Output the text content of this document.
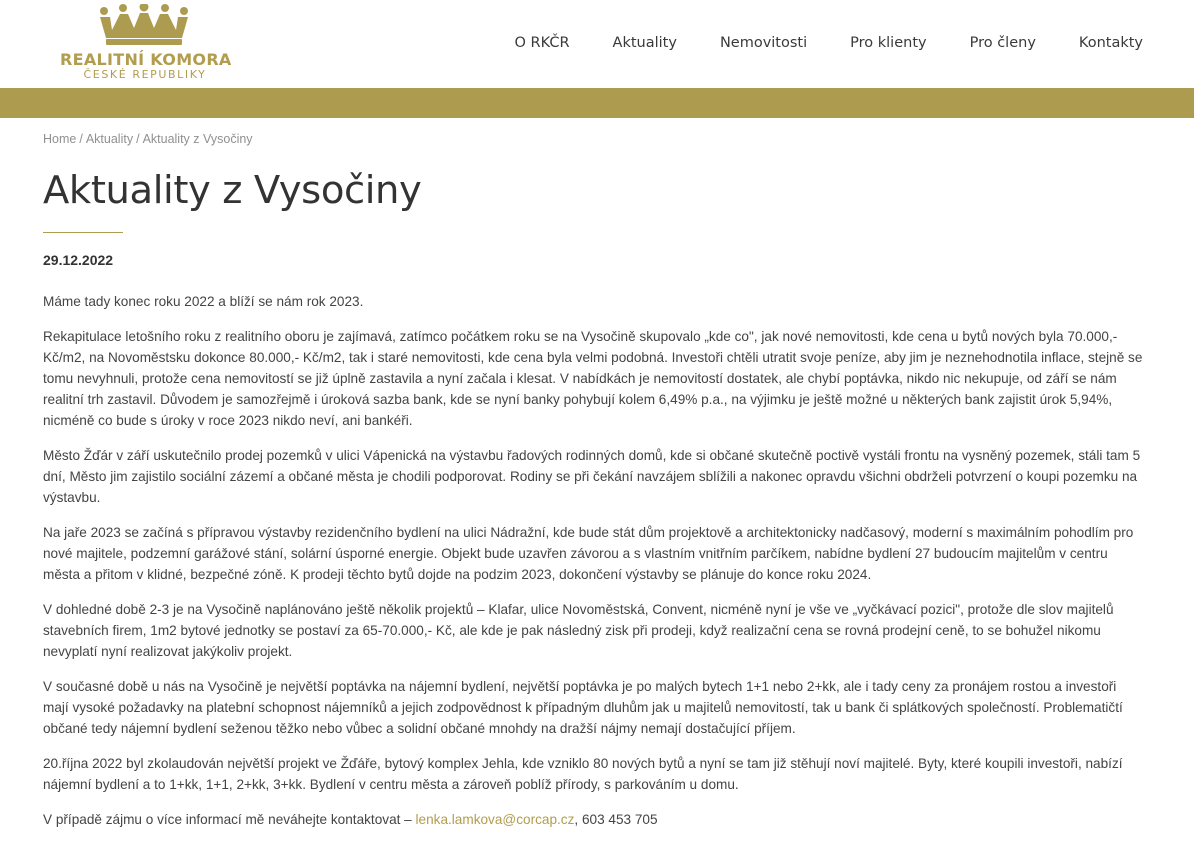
REALITNÍ KOMORA
ČESKÉ REPUBLIKY
O RKČR	Aktuality	Nemovitosti	Pro klienty	Pro členy	Kontakty
Home / Aktuality / Aktuality z Vysočiny
Aktuality z Vysočiny
29.12.2022

Máme tady konec roku 2022 a blíží se nám rok 2023.

Rekapitulace letošního roku z realitního oboru je zajímavá, zatímco počátkem roku se na Vysočině skupovalo „kde co", jak nové nemovitosti, kde cena u bytů nových byla 70.000,- Kč/m2, na Novoměstsku dokonce 80.000,- Kč/m2, tak i staré nemovitosti, kde cena byla velmi podobná. Investoři chtěli utratit svoje peníze, aby jim je neznehodnotila inflace, stejně se tomu nevyhnuli, protože cena nemovitostí se již úplně zastavila a nyní začala i klesat. V nabídkách je nemovitostí dostatek, ale chybí poptávka, nikdo nic nekupuje, od září se nám realitní trh zastavil. Důvodem je samozřejmě i úroková sazba bank, kde se nyní banky pohybují kolem 6,49% p.a., na výjimku je ještě možné u některých bank zajistit úrok 5,94%, nicméně co bude s úroky v roce 2023 nikdo neví, ani bankéři.

Město Žďár v září uskutečnilo prodej pozemků v ulici Vápenická na výstavbu řadových rodinných domů, kde si občané skutečně poctivě vystáli frontu na vysněný pozemek, stáli tam 5 dní, Město jim zajistilo sociální zázemí a občané města je chodili podporovat. Rodiny se při čekání navzájem sblížili a nakonec opravdu všichni obdrželi potvrzení o koupi pozemku na výstavbu.

Na jaře 2023 se začíná s přípravou výstavby rezidenčního bydlení na ulici Nádražní, kde bude stát dům projektově a architektonicky nadčasový, moderní s maximálním pohodlím pro nové majitele, podzemní garážové stání, solární úsporné energie. Objekt bude uzavřen závorou a s vlastním vnitřním parčíkem, nabídne bydlení 27 budoucím majitelům v centru města a přitom v klidné, bezpečné zóně. K prodeji těchto bytů dojde na podzim 2023, dokončení výstavby se plánuje do konce roku 2024.

V dohledné době 2-3 je na Vysočině naplánováno ještě několik projektů – Klafar, ulice Novoměstská, Convent, nicméně nyní je vše ve „vyčkávací pozici", protože dle slov majitelů stavebních firem, 1m2 bytové jednotky se postaví za 65-70.000,- Kč, ale kde je pak následný zisk při prodeji, když realizační cena se rovná prodejní ceně, to se bohužel nikomu nevyplatí nyní realizovat jakýkoliv projekt.

V současné době u nás na Vysočině je největší poptávka na nájemní bydlení, největší poptávka je po malých bytech 1+1 nebo 2+kk, ale i tady ceny za pronájem rostou a investoři mají vysoké požadavky na platební schopnost nájemníků a jejich zodpovědnost k případným dluhům jak u majitelů nemovitostí, tak u bank či splátkových společností. Problematičtí občané tedy nájemní bydlení seženou těžko nebo vůbec a solidní občané mnohdy na dražší nájmy nemají dostačující příjem.

20.října 2022 byl zkolaudován největší projekt ve Žďáře, bytový komplex Jehla, kde vzniklo 80 nových bytů a nyní se tam již stěhují noví majitelé. Byty, které koupili investoři, nabízí nájemní bydlení a to 1+kk, 1+1, 2+kk, 3+kk. Bydlení v centru města a zároveň poblíž přírody, s parkováním u domu.

V případě zájmu o více informací mě neváhejte kontaktovat – lenka.lamkova@corcap.cz, 603 453 705
